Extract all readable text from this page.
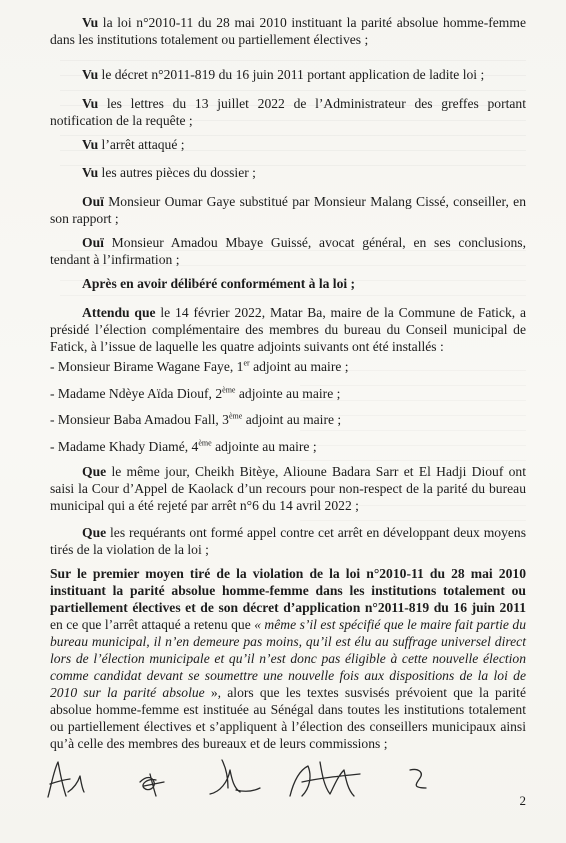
Vu la loi n°2010-11 du 28 mai 2010 instituant la parité absolue homme-femme dans les institutions totalement ou partiellement électives ;

Vu le décret n°2011-819 du 16 juin 2011 portant application de ladite loi ;

Vu les lettres du 13 juillet 2022 de l’Administrateur des greffes portant notification de la requête ;

Vu l’arrêt attaqué ;

Vu les autres pièces du dossier ;

Ouï Monsieur Oumar Gaye substitué par Monsieur Malang Cissé, conseiller, en son rapport ;

Ouï Monsieur Amadou Mbaye Guissé, avocat général, en ses conclusions, tendant à l’infirmation ;

Après en avoir délibéré conformément à la loi ;

Attendu que le 14 février 2022, Matar Ba, maire de la Commune de Fatick, a présidé l’élection complémentaire des membres du bureau du Conseil municipal de Fatick, à l’issue de laquelle les quatre adjoints suivants ont été installés :

- Monsieur Birame Wagane Faye, 1er adjoint au maire ;

- Madame Ndèye Aïda Diouf, 2ème adjointe au maire ;

- Monsieur Baba Amadou Fall, 3ème adjoint au maire ;

- Madame Khady Diamé, 4ème adjointe au maire ;

Que le même jour, Cheikh Bitèye, Alioune Badara Sarr et El Hadji Diouf ont saisi la Cour d’Appel de Kaolack d’un recours pour non-respect de la parité du bureau municipal qui a été rejeté par arrêt n°6 du 14 avril 2022 ;

Que les requérants ont formé appel contre cet arrêt en développant deux moyens tirés de la violation de la loi ;

Sur le premier moyen tiré de la violation de la loi n°2010-11 du 28 mai 2010 instituant la parité absolue homme-femme dans les institutions totalement ou partiellement électives et de son décret d’application n°2011-819 du 16 juin 2011 en ce que l’arrêt attaqué a retenu que « même s’il est spécifié que le maire fait partie du bureau municipal, il n’en demeure pas moins, qu’il est élu au suffrage universel direct lors de l’élection municipale et qu’il n’est donc pas éligible à cette nouvelle élection comme candidat devant se soumettre une nouvelle fois aux dispositions de la loi de 2010 sur la parité absolue », alors que les textes susvisés prévoient que la parité absolue homme-femme est instituée au Sénégal dans toutes les institutions totalement ou partiellement électives et s’appliquent à l’élection des conseillers municipaux ainsi qu’à celle des membres des bureaux et de leurs commissions ;

2
